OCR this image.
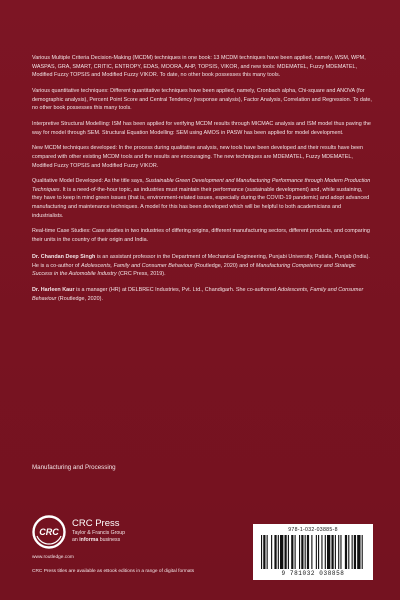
Various Multiple Criteria Decision-Making (MCDM) techniques in one book: 13 MCDM techniques have been applied, namely, WSM, WPM, WASPAS, GRA, SMART, CRITIC, ENTROPY, EDAS, MOORA, AHP, TOPSIS, VIKOR, and new tools: MDEMATEL, Fuzzy MDEMATEL, Modified Fuzzy TOPSIS and Modified Fuzzy VIKOR. To date, no other book possesses this many tools.

Various quantitative techniques: Different quantitative techniques have been applied, namely, Cronbach alpha, Chi-square and ANOVA (for demographic analysis), Percent Point Score and Central Tendency (response analysis), Factor Analysis, Correlation and Regression. To date, no other book possesses this many tools.

Interpretive Structural Modelling: ISM has been applied for verifying MCDM results through MICMAC analysis and ISM model thus paving the way for model through SEM. Structural Equation Modelling: SEM using AMOS in PASW has been applied for model development.

New MCDM techniques developed: In the process during qualitative analysis, new tools have been developed and their results have been compared with other existing MCDM tools and the results are encouraging. The new techniques are MDEMATEL, Fuzzy MDEMATEL, Modified Fuzzy TOPSIS and Modified Fuzzy VIKOR.

Qualitative Model Developed: As the title says, Sustainable Green Development and Manufacturing Performance through Modern Production Techniques. It is a need-of-the-hour topic, as industries must maintain their performance (sustainable development) and, while sustaining, they have to keep in mind green issues (that is, environment-related issues, especially during the COVID-19 pandemic) and adopt advanced manufacturing and maintenance techniques. A model for this has been developed which will be helpful to both academicians and industrialists.

Real-time Case Studies: Case studies in two industries of differing origins, different manufacturing sectors, different products, and comparing their units in the country of their origin and India.

Dr. Chandan Deep Singh is an assistant professor in the Department of Mechanical Engineering, Punjabi University, Patiala, Punjab (India). He is a co-author of Adolescents, Family and Consumer Behaviour (Routledge, 2020) and of Manufacturing Competency and Strategic Success in the Automobile Industry (CRC Press, 2019).

Dr. Harleen Kaur is a manager (HR) at DELBREC Industries, Pvt. Ltd., Chandigarh. She co-authored Adolescents, Family and Consumer Behaviour (Routledge, 2020).

Manufacturing and Processing
CRC
CRC Press
Taylor & Francis Group
an informa business
www.routledge.com
CRC Press titles are available as eBook editions in a range of digital formats
978-1-032-03885-8
9 781032 038858
